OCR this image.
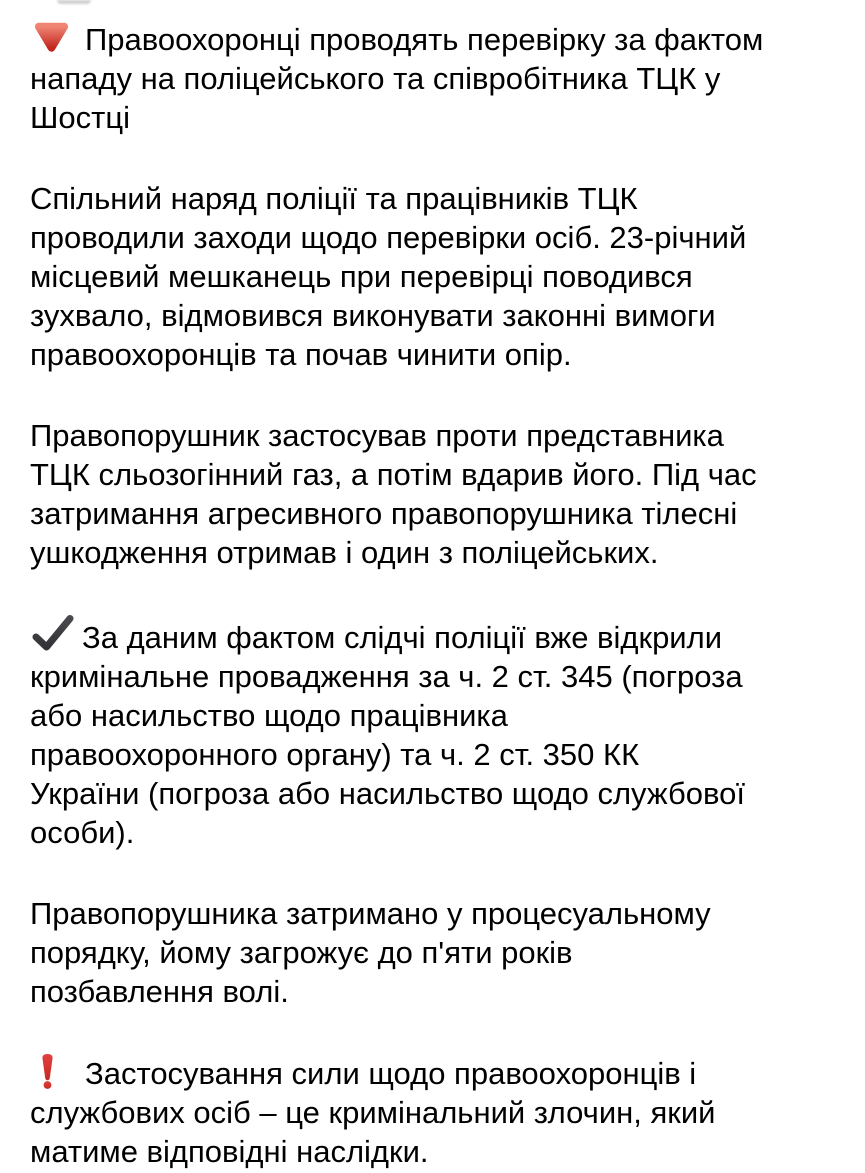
Правоохоронці проводять перевірку за фактом
нападу на поліцейського та співробітника ТЦК у
Шостці

Спільний наряд поліції та працівників ТЦК
проводили заходи щодо перевірки осіб. 23-річний
місцевий мешканець при перевірці поводився
зухвало, відмовився виконувати законні вимоги
правоохоронців та почав чинити опір.

Правопорушник застосував проти представника
ТЦК сльозогінний газ, а потім вдарив його. Під час
затримання агресивного правопорушника тілесні
ушкодження отримав і один з поліцейських.

За даним фактом слідчі поліції вже відкрили
кримінальне провадження за ч. 2 ст. 345 (погроза
або насильство щодо працівника
правоохоронного органу) та ч. 2 ст. 350 КК
України (погроза або насильство щодо службової
особи).

Правопорушника затримано у процесуальному
порядку, йому загрожує до п'яти років
позбавлення волі.

Застосування сили щодо правоохоронців і
службових осіб – це кримінальний злочин, який
матиме відповідні наслідки.
